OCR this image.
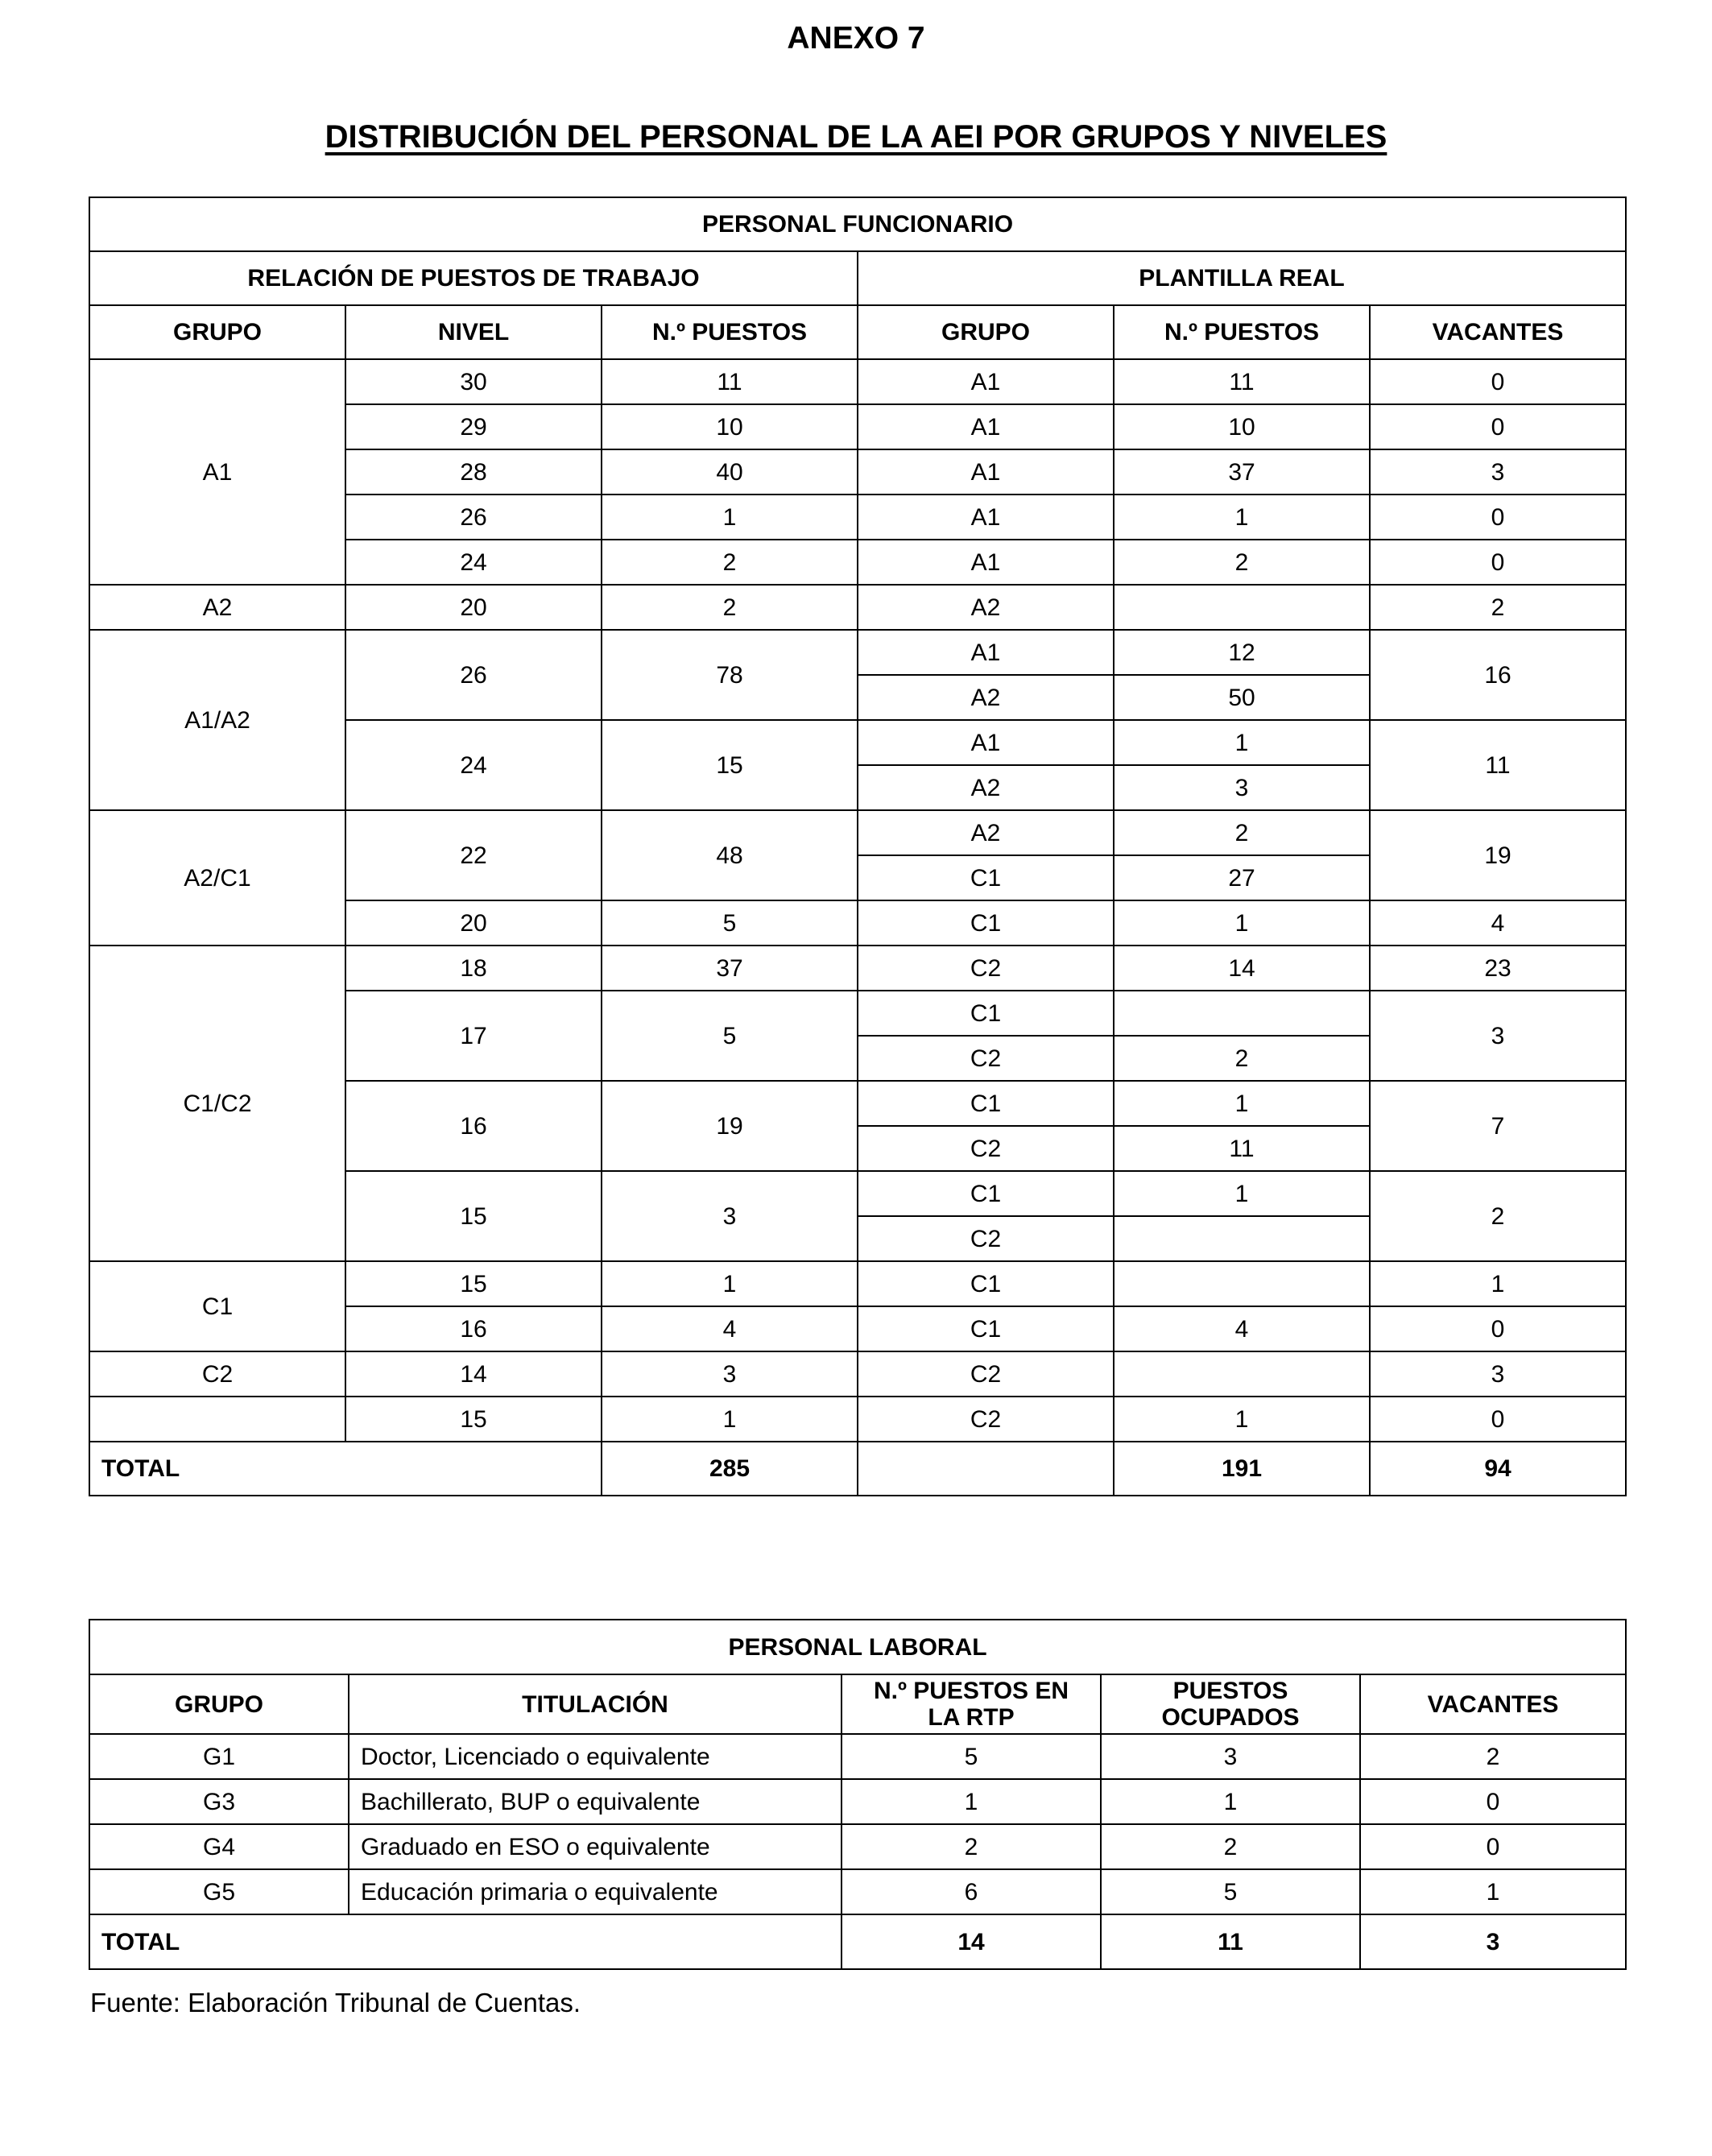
ANEXO 7
DISTRIBUCIÓN DEL PERSONAL DE LA AEI POR GRUPOS Y NIVELES
PERSONAL FUNCIONARIO					
RELACIÓN DE PUESTOS DE TRABAJO			PLANTILLA REAL		
GRUPO	NIVEL	N.º PUESTOS	GRUPO	N.º PUESTOS	VACANTES
A1	30	11	A1	11	0
	29	10	A1	10	0
	28	40	A1	37	3
	26	1	A1	1	0
	24	2	A1	2	0
A2	20	2	A2		2
A1/A2	26	78	A1	12	16
			A2	50	
	24	15	A1	1	11
			A2	3	
A2/C1	22	48	A2	2	19
			C1	27	
	20	5	C1	1	4
C1/C2	18	37	C2	14	23
	17	5	C1		3
			C2	2	
	16	19	C1	1	7
			C2	11	
	15	3	C1	1	2
			C2		
C1	15	1	C1		1
	16	4	C1	4	0
C2	14	3	C2		3
	15	1	C2	1	0
TOTAL		285		191	94
PERSONAL LABORAL				
GRUPO	TITULACIÓN	N.º PUESTOS EN LA RTP	PUESTOS OCUPADOS	VACANTES
G1	Doctor, Licenciado o equivalente	5	3	2
G3	Bachillerato, BUP o equivalente	1	1	0
G4	Graduado en ESO o equivalente	2	2	0
G5	Educación primaria o equivalente	6	5	1
TOTAL		14	11	3
Fuente: Elaboración Tribunal de Cuentas.
